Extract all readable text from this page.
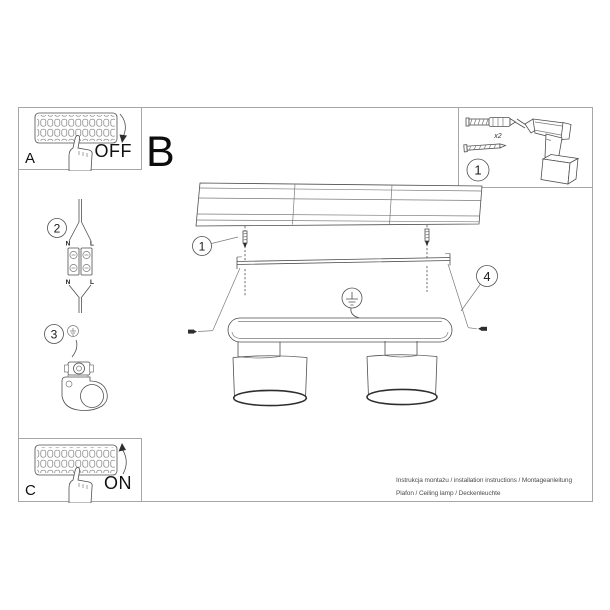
A	OFF
C	ON
B	x2
1
2
N	L
N	L
3
1
4
Instrukcja montażu / installation instructions / Montageanleitung
Plafon / Ceiling lamp / Deckenleuchte
